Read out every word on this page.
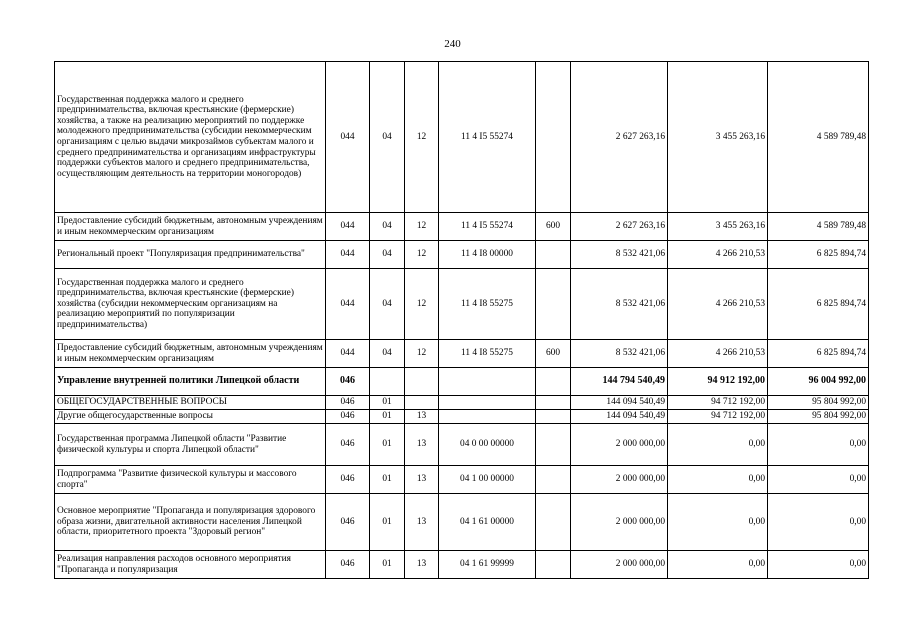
240
Государственная поддержка малого и среднего предпринимательства, включая крестьянские (фермерские) хозяйства, а также на реализацию мероприятий по поддержке молодежного предпринимательства (субсидии некоммерческим организациям с целью выдачи микрозаймов субъектам малого и среднего предпринимательства и организациям инфраструктуры поддержки субъектов малого и среднего предпринимательства, осуществляющим деятельность на территории моногородов)	044	04	12	11 4 I5 55274		2 627 263,16	3 455 263,16	4 589 789,48
Предоставление субсидий бюджетным, автономным учреждениям и иным некоммерческим организациям	044	04	12	11 4 I5 55274	600	2 627 263,16	3 455 263,16	4 589 789,48
Региональный проект "Популяризация предпринимательства"	044	04	12	11 4 I8 00000		8 532 421,06	4 266 210,53	6 825 894,74
Государственная поддержка малого и среднего предпринимательства, включая крестьянские (фермерские) хозяйства (субсидии некоммерческим организациям на реализацию мероприятий по популяризации предпринимательства)	044	04	12	11 4 I8 55275		8 532 421,06	4 266 210,53	6 825 894,74
Предоставление субсидий бюджетным, автономным учреждениям и иным некоммерческим организациям	044	04	12	11 4 I8 55275	600	8 532 421,06	4 266 210,53	6 825 894,74
Управление внутренней политики Липецкой области	046					144 794 540,49	94 912 192,00	96 004 992,00
ОБЩЕГОСУДАРСТВЕННЫЕ ВОПРОСЫ	046	01				144 094 540,49	94 712 192,00	95 804 992,00
Другие общегосударственные вопросы	046	01	13			144 094 540,49	94 712 192,00	95 804 992,00
Государственная программа Липецкой области "Развитие физической культуры и спорта Липецкой области"	046	01	13	04 0 00 00000		2 000 000,00	0,00	0,00
Подпрограмма "Развитие физической культуры и массового спорта"	046	01	13	04 1 00 00000		2 000 000,00	0,00	0,00
Основное мероприятие "Пропаганда и популяризация здорового образа жизни, двигательной активности населения Липецкой области, приоритетного проекта "Здоровый регион"	046	01	13	04 1 61 00000		2 000 000,00	0,00	0,00
Реализация направления расходов основного мероприятия "Пропаганда и популяризация	046	01	13	04 1 61 99999		2 000 000,00	0,00	0,00
